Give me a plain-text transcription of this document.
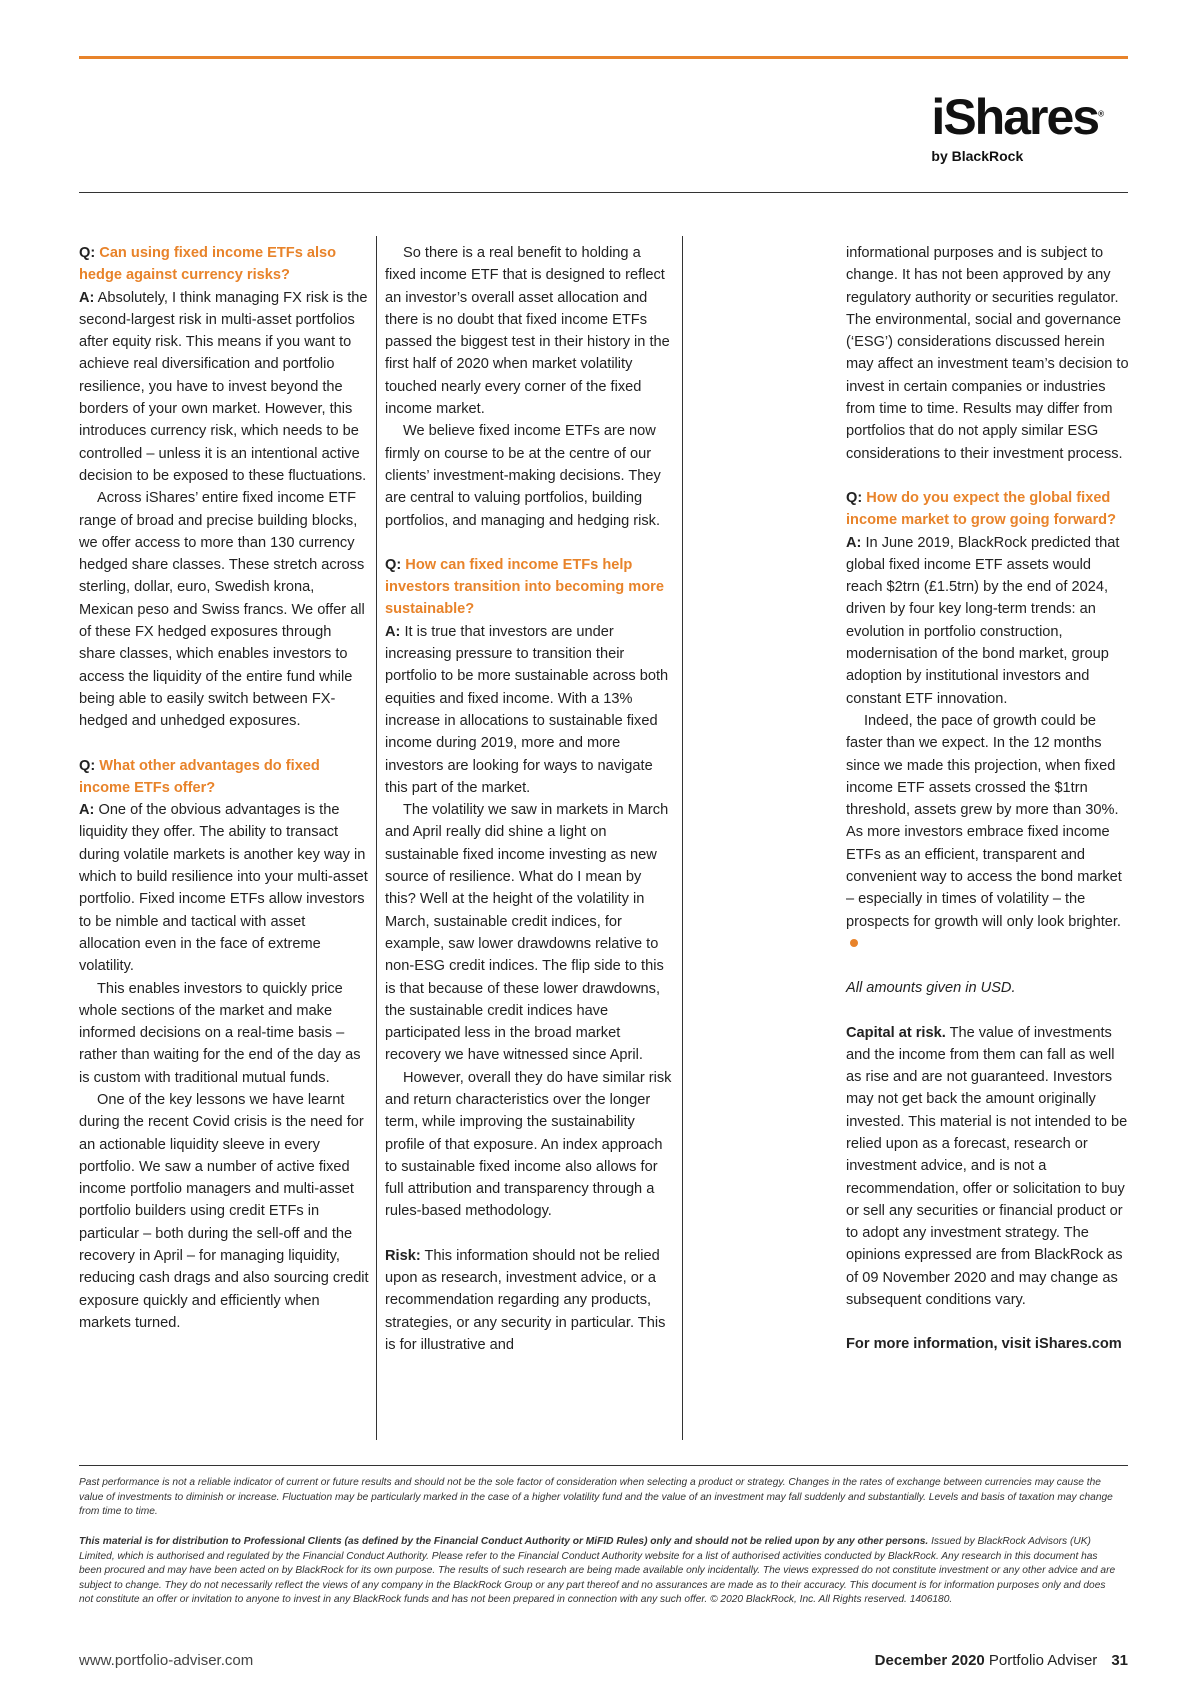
iShares®
by BlackRock

Q: Can using fixed income ETFs also hedge against currency risks?

A: Absolutely, I think managing FX risk is the second-largest risk in multi-asset portfolios after equity risk. This means if you want to achieve real diversification and portfolio resilience, you have to invest beyond the borders of your own market. However, this introduces currency risk, which needs to be controlled – unless it is an intentional active decision to be exposed to these fluctuations.

Across iShares’ entire fixed income ETF range of broad and precise building blocks, we offer access to more than 130 currency hedged share classes. These stretch across sterling, dollar, euro, Swedish krona, Mexican peso and Swiss francs. We offer all of these FX hedged exposures through share classes, which enables investors to access the liquidity of the entire fund while being able to easily switch between FX-hedged and unhedged exposures.

Q: What other advantages do fixed income ETFs offer?

A: One of the obvious advantages is the liquidity they offer. The ability to transact during volatile markets is another key way in which to build resilience into your multi-asset portfolio. Fixed income ETFs allow investors to be nimble and tactical with asset allocation even in the face of extreme volatility.

This enables investors to quickly price whole sections of the market and make informed decisions on a real-time basis – rather than waiting for the end of the day as is custom with traditional mutual funds.

One of the key lessons we have learnt during the recent Covid crisis is the need for an actionable liquidity sleeve in every portfolio. We saw a number of active fixed income portfolio managers and multi-asset portfolio builders using credit ETFs in particular – both during the sell-off and the recovery in April – for managing liquidity, reducing cash drags and also sourcing credit exposure quickly and efficiently when markets turned.

So there is a real benefit to holding a fixed income ETF that is designed to reflect an investor’s overall asset allocation and there is no doubt that fixed income ETFs passed the biggest test in their history in the first half of 2020 when market volatility touched nearly every corner of the fixed income market.

We believe fixed income ETFs are now firmly on course to be at the centre of our clients’ investment-making decisions. They are central to valuing portfolios, building portfolios, and managing and hedging risk.

Q: How can fixed income ETFs help investors transition into becoming more sustainable?

A: It is true that investors are under increasing pressure to transition their portfolio to be more sustainable across both equities and fixed income. With a 13% increase in allocations to sustainable fixed income during 2019, more and more investors are looking for ways to navigate this part of the market.

The volatility we saw in markets in March and April really did shine a light on sustainable fixed income investing as new source of resilience. What do I mean by this? Well at the height of the volatility in March, sustainable credit indices, for example, saw lower drawdowns relative to non-ESG credit indices. The flip side to this is that because of these lower drawdowns, the sustainable credit indices have participated less in the broad market recovery we have witnessed since April.

However, overall they do have similar risk and return characteristics over the longer term, while improving the sustainability profile of that exposure. An index approach to sustainable fixed income also allows for full attribution and transparency through a rules-based methodology.

Risk: This information should not be relied upon as research, investment advice, or a recommendation regarding any products, strategies, or any security in particular. This is for illustrative and

informational purposes and is subject to change. It has not been approved by any regulatory authority or securities regulator. The environmental, social and governance (‘ESG’) considerations discussed herein may affect an investment team’s decision to invest in certain companies or industries from time to time. Results may differ from portfolios that do not apply similar ESG considerations to their investment process.

Q: How do you expect the global fixed income market to grow going forward?

A: In June 2019, BlackRock predicted that global fixed income ETF assets would reach $2trn (£1.5trn) by the end of 2024, driven by four key long-term trends: an evolution in portfolio construction, modernisation of the bond market, group adoption by institutional investors and constant ETF innovation.

Indeed, the pace of growth could be faster than we expect. In the 12 months since we made this projection, when fixed income ETF assets crossed the $1trn threshold, assets grew by more than 30%. As more investors embrace fixed income ETFs as an efficient, transparent and convenient way to access the bond market – especially in times of volatility – the prospects for growth will only look brighter.

All amounts given in USD.

Capital at risk. The value of investments and the income from them can fall as well as rise and are not guaranteed. Investors may not get back the amount originally invested. This material is not intended to be relied upon as a forecast, research or investment advice, and is not a recommendation, offer or solicitation to buy or sell any securities or financial product or to adopt any investment strategy. The opinions expressed are from BlackRock as of 09 November 2020 and may change as subsequent conditions vary.

For more information, visit iShares.com

Past performance is not a reliable indicator of current or future results and should not be the sole factor of consideration when selecting a product or strategy. Changes in the rates of exchange between currencies may cause the value of investments to diminish or increase. Fluctuation may be particularly marked in the case of a higher volatility fund and the value of an investment may fall suddenly and substantially. Levels and basis of taxation may change from time to time.
This material is for distribution to Professional Clients (as defined by the Financial Conduct Authority or MiFID Rules) only and should not be relied upon by any other persons. Issued by BlackRock Advisors (UK) Limited, which is authorised and regulated by the Financial Conduct Authority. Please refer to the Financial Conduct Authority website for a list of authorised activities conducted by BlackRock. Any research in this document has been procured and may have been acted on by BlackRock for its own purpose. The results of such research are being made available only incidentally. The views expressed do not constitute investment or any other advice and are subject to change. They do not necessarily reflect the views of any company in the BlackRock Group or any part thereof and no assurances are made as to their accuracy. This document is for information purposes only and does not constitute an offer or invitation to anyone to invest in any BlackRock funds and has not been prepared in connection with any such offer. © 2020 BlackRock, Inc. All Rights reserved. 1406180.
www.portfolio-adviser.com	December 2020 Portfolio Adviser 31
